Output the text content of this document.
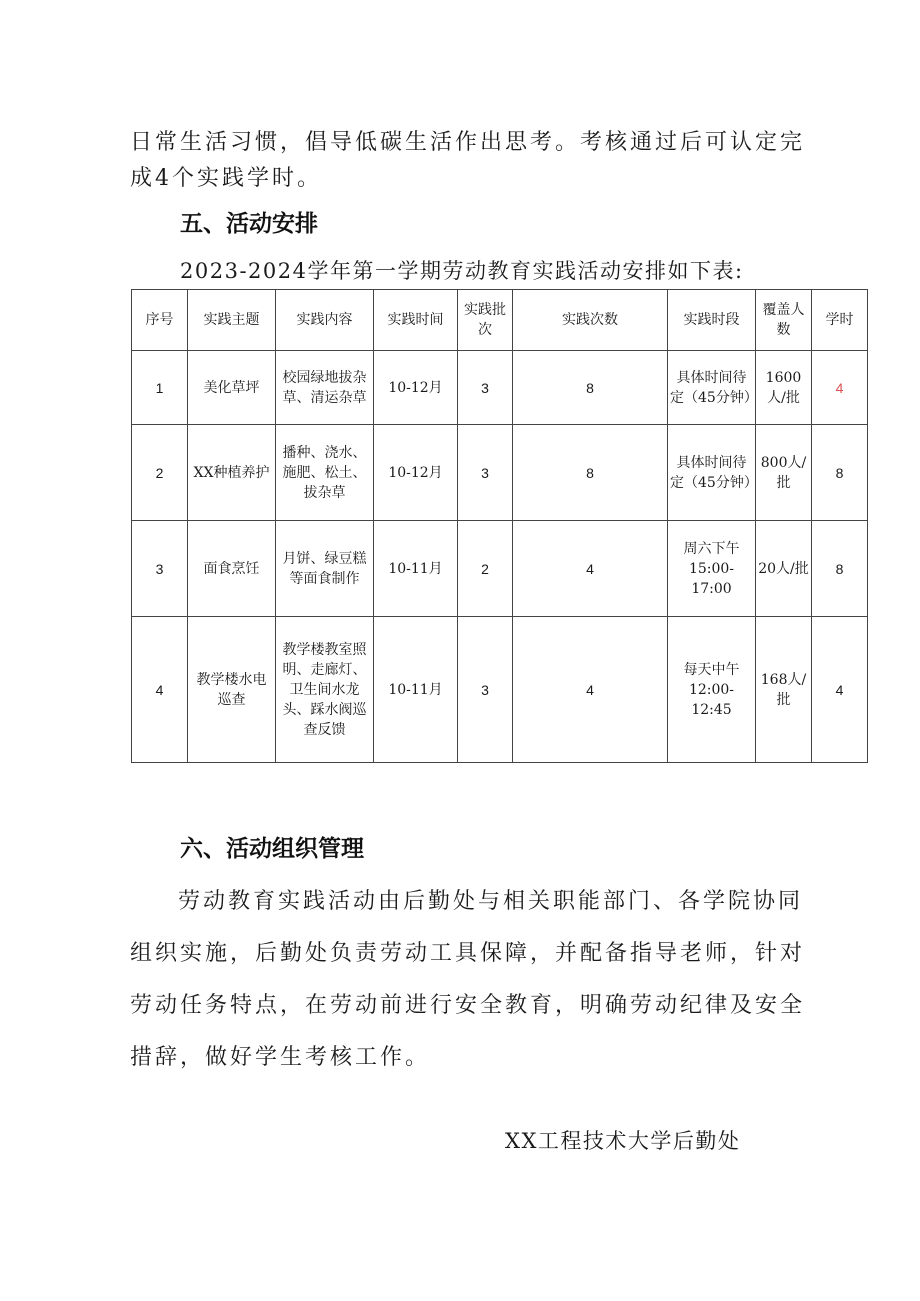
日常生活习惯，倡导低碳生活作出思考。考核通过后可认定完成4个实践学时。

五、活动安排

2023-2024学年第一学期劳动教育实践活动安排如下表:

序号	实践主题	实践内容	实践时间	实践批次	实践次数	实践时段	覆盖人数	学时
1	美化草坪	校园绿地拔杂草、清运杂草	10-12月	3	8	具体时间待定（45分钟）	1600人/批	4
2	XX种植养护	播种、浇水、施肥、松土、拔杂草	10-12月	3	8	具体时间待定（45分钟）	800人/批	8
3	面食烹饪	月饼、绿豆糕等面食制作	10-11月	2	4	周六下午15:00-17:00	20人/批	8
4	教学楼水电巡查	教学楼教室照明、走廊灯、卫生间水龙头、踩水阀巡查反馈	10-11月	3	4	每天中午12:00-12:45	168人/批	4
六、活动组织管理

劳动教育实践活动由后勤处与相关职能部门、各学院协同组织实施，后勤处负责劳动工具保障，并配备指导老师，针对劳动任务特点，在劳动前进行安全教育，明确劳动纪律及安全措辞，做好学生考核工作。

XX工程技术大学后勤处
